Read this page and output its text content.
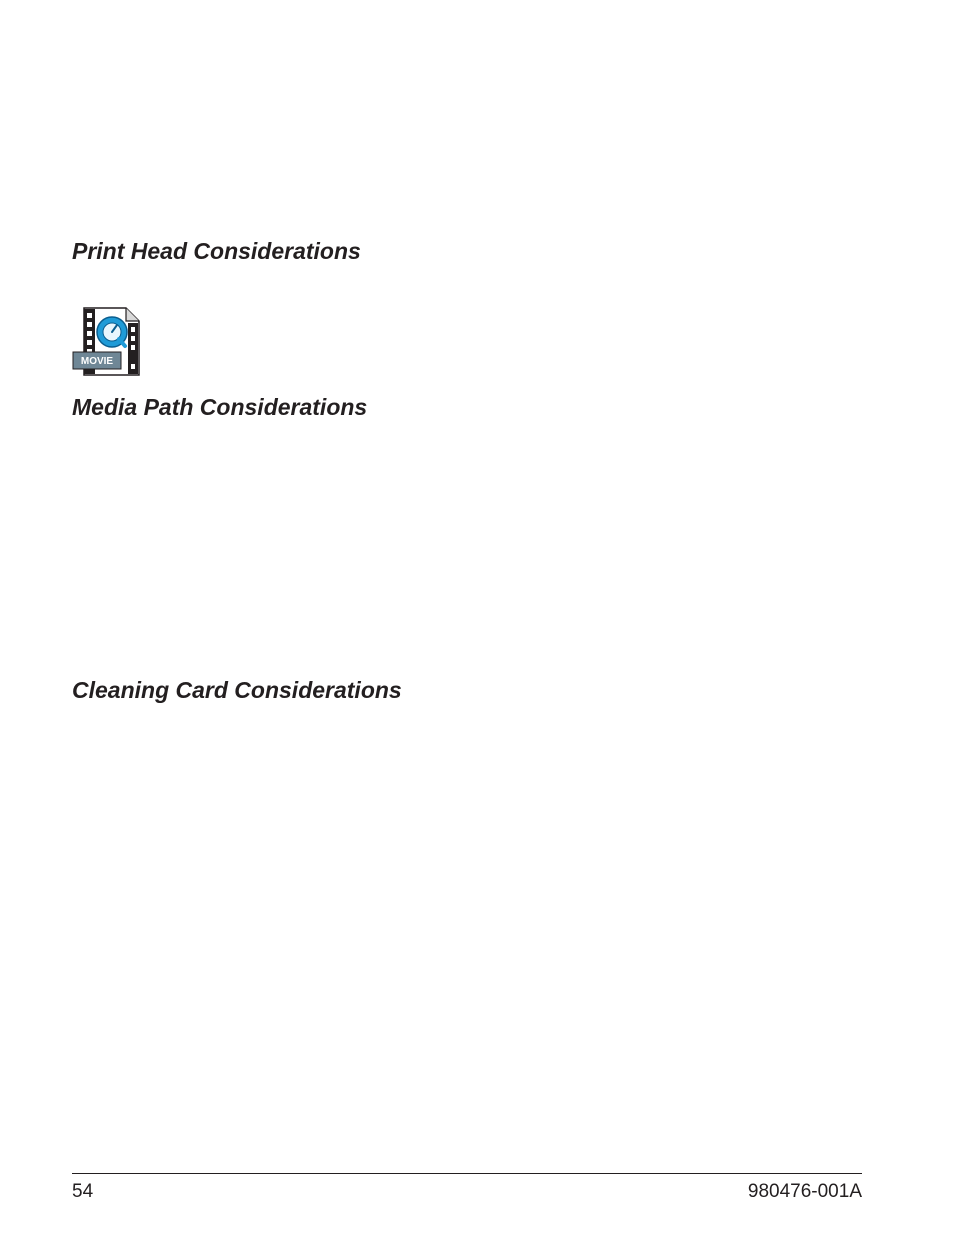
Print Head Considerations
MOVIE
Media Path Considerations
Cleaning Card Considerations
54	980476-001A
